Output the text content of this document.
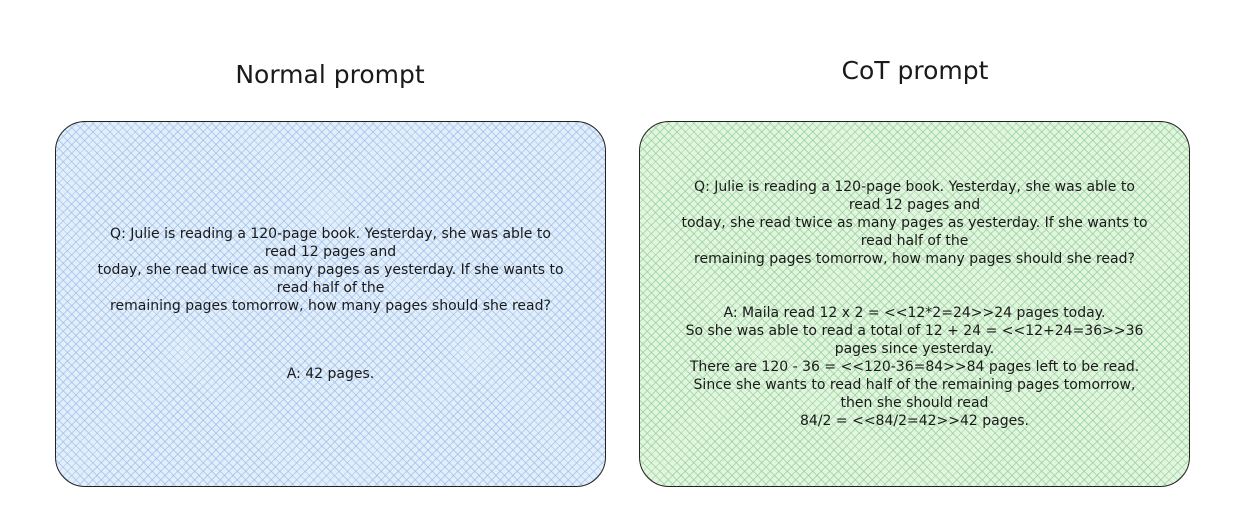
Normal prompt	CoT prompt
Q: Julie is reading a 120-page book. Yesterday, she was able to
read 12 pages and
today, she read twice as many pages as yesterday. If she wants to
read half of the
remaining pages tomorrow, how many pages should she read?
A: 42 pages.
Q: Julie is reading a 120-page book. Yesterday, she was able to
read 12 pages and
today, she read twice as many pages as yesterday. If she wants to
read half of the
remaining pages tomorrow, how many pages should she read?
A: Maila read 12 x 2 = <<12*2=24>>24 pages today.
So she was able to read a total of 12 + 24 = <<12+24=36>>36
pages since yesterday.
There are 120 - 36 = <<120-36=84>>84 pages left to be read.
Since she wants to read half of the remaining pages tomorrow,
then she should read
84/2 = <<84/2=42>>42 pages.
